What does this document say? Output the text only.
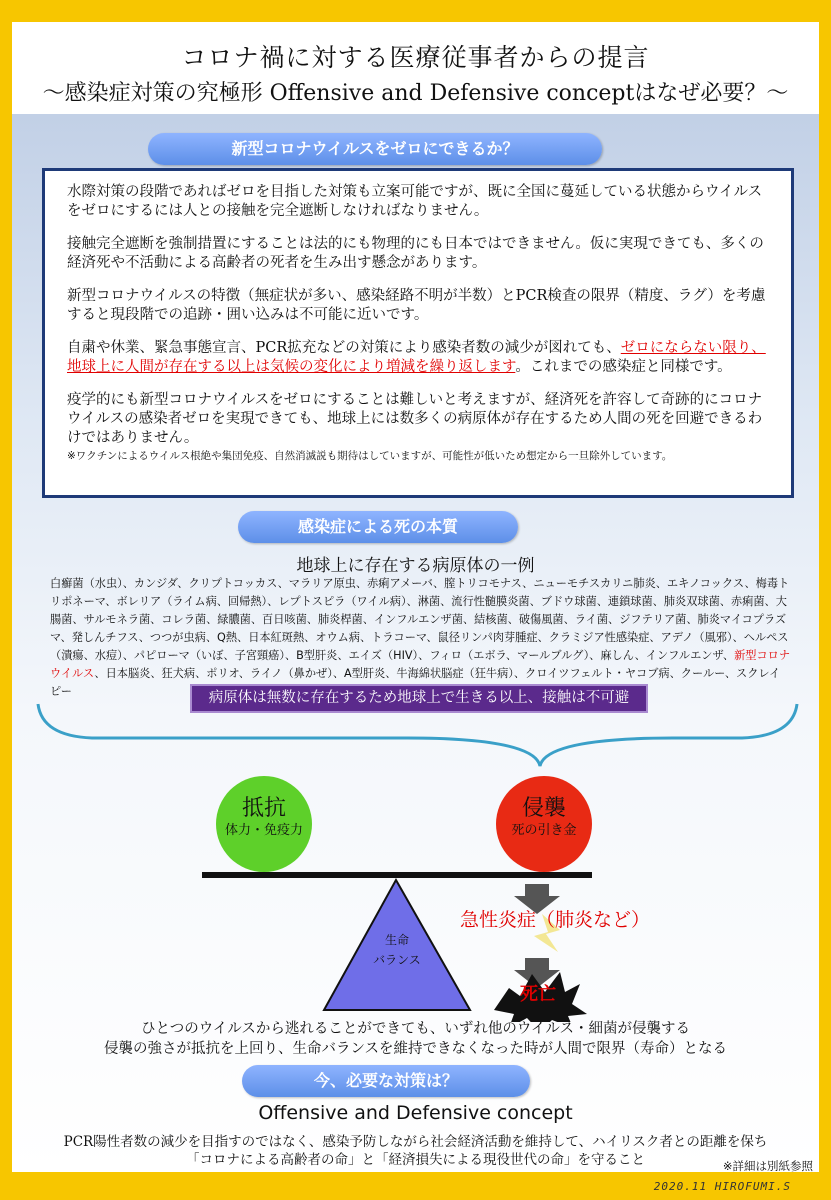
コロナ禍に対する医療従事者からの提言
～感染症対策の究極形 Offensive and Defensive conceptはなぜ必要？～
新型コロナウイルスをゼロにできるか？

水際対策の段階であればゼロを目指した対策も立案可能ですが、既に全国に蔓延している状態からウイルスをゼロにするには人との接触を完全遮断しなければなりません。

接触完全遮断を強制措置にすることは法的にも物理的にも日本ではできません。仮に実現できても、多くの経済死や不活動による高齢者の死者を生み出す懸念があります。

新型コロナウイルスの特徴（無症状が多い、感染経路不明が半数）とPCR検査の限界（精度、ラグ）を考慮すると現段階での追跡・囲い込みは不可能に近いです。

自粛や休業、緊急事態宣言、PCR拡充などの対策により感染者数の減少が図れても、ゼロにならない限り、地球上に人間が存在する以上は気候の変化により増減を繰り返します。これまでの感染症と同様です。

疫学的にも新型コロナウイルスをゼロにすることは難しいと考えますが、経済死を許容して奇跡的にコロナウイルスの感染者ゼロを実現できても、地球上には数多くの病原体が存在するため人間の死を回避できるわけではありません。

※ワクチンによるウイルス根絶や集団免疫、自然消滅説も期待はしていますが、可能性が低いため想定から一旦除外しています。

感染症による死の本質
地球上に存在する病原体の一例
白癬菌（水虫）、カンジダ、クリプトコッカス、マラリア原虫、赤痢アメーバ、膣トリコモナス、ニューモチスカリニ肺炎、エキノコックス、梅毒トリポネーマ、ボレリア（ライム病、回帰熱）、レプトスピラ（ワイル病）、淋菌、流行性髄膜炎菌、ブドウ球菌、連鎖球菌、肺炎双球菌、赤痢菌、大腸菌、サルモネラ菌、コレラ菌、緑膿菌、百日咳菌、肺炎桿菌、インフルエンザ菌、結核菌、破傷風菌、ライ菌、ジフテリア菌、肺炎マイコプラズマ、発しんチフス、つつが虫病、Q熱、日本紅斑熱、オウム病、トラコーマ、鼠径リンパ肉芽腫症、クラミジア性感染症、アデノ（風邪）、ヘルペス（潰瘍、水痘）、パピローマ（いぼ、子宮頸癌）、B型肝炎、エイズ（HIV）、フィロ（エボラ、マールブルグ）、麻しん、インフルエンザ、新型コロナウイルス、日本脳炎、狂犬病、ポリオ、ライノ（鼻かぜ）、A型肝炎、牛海綿状脳症（狂牛病）、クロイツフェルト・ヤコブ病、クールー、スクレイピー	病原体は無数に存在するため地球上で生きる以上、接触は不可避
抵抗
体力・免疫力
侵襲
死の引き金
生命
バランス
急性炎症（肺炎など）
死亡
ひとつのウイルスから逃れることができても、いずれ他のウイルス・細菌が侵襲する
侵襲の強さが抵抗を上回り、生命バランスを維持できなくなった時が人間で限界（寿命）となる
今、必要な対策は？
Offensive and Defensive concept
PCR陽性者数の減少を目指すのではなく、感染予防しながら社会経済活動を維持して、ハイリスク者との距離を保ち
「コロナによる高齢者の命」と「経済損失による現役世代の命」を守ること	※詳細は別紙参照
2020.11 HIROFUMI.S
